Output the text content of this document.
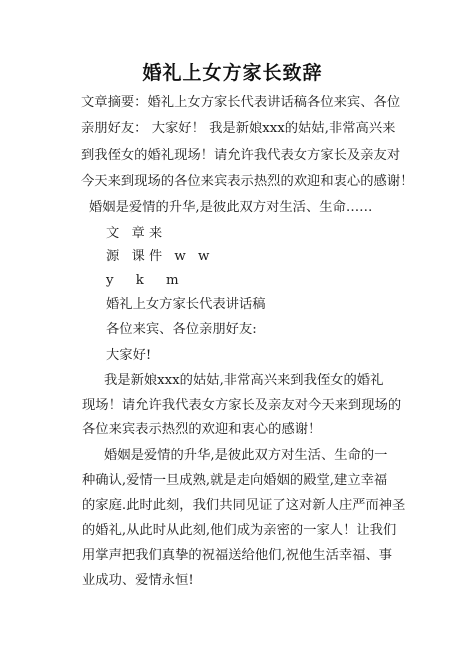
婚礼上女方家长致辞
文章摘要：婚礼上女方家长代表讲话稿各位来宾、各位
亲朋好友： 大家好！ 我是新娘xxx的姑姑,非常高兴来
到我侄女的婚礼现场！请允许我代表女方家长及亲友对
今天来到现场的各位来宾表示热烈的欢迎和衷心的感谢！
婚姻是爱情的升华,是彼此双方对生活、生命……
文 章来
源 课件 w w
y k m
婚礼上女方家长代表讲话稿
各位来宾、各位亲朋好友:
大家好!
我是新娘xxx的姑姑,非常高兴来到我侄女的婚礼
现场！请允许我代表女方家长及亲友对今天来到现场的
各位来宾表示热烈的欢迎和衷心的感谢！
婚姻是爱情的升华,是彼此双方对生活、生命的一
种确认,爱情一旦成熟,就是走向婚姻的殿堂,建立幸福
的家庭.此时此刻，我们共同见证了这对新人庄严而神圣
的婚礼,从此时从此刻,他们成为亲密的一家人！让我们
用掌声把我们真挚的祝福送给他们,祝他生活幸福、事
业成功、爱情永恒!
